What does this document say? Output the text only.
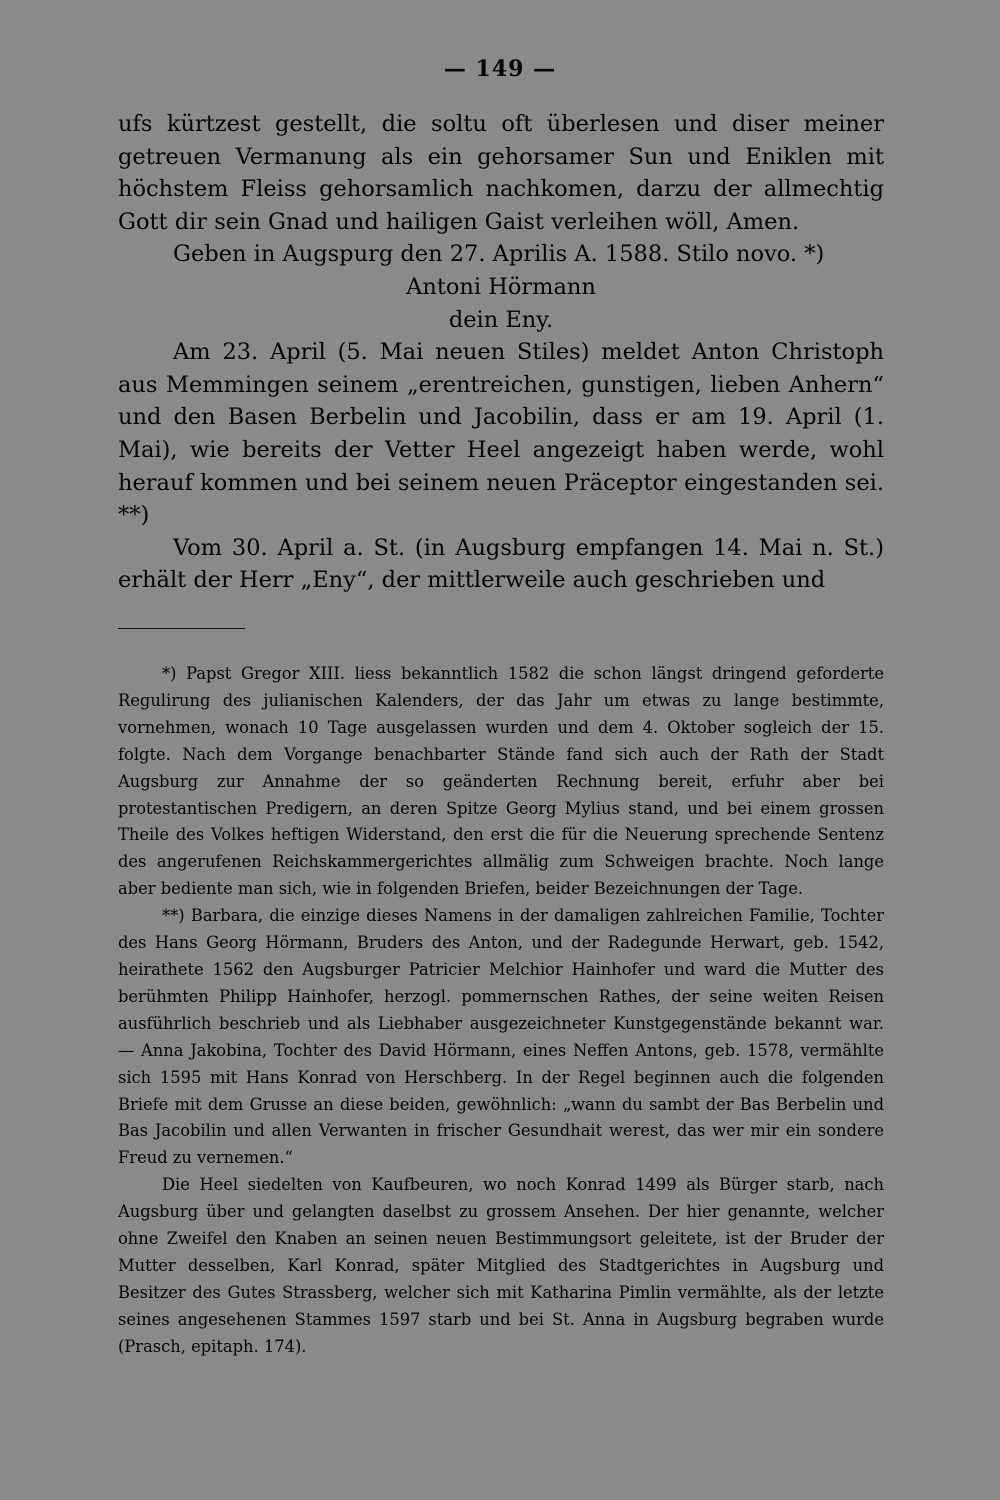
— 149 —

ufs kürtzest gestellt, die soltu oft überlesen und diser meiner getreuen Vermanung als ein gehorsamer Sun und Eniklen mit höchstem Fleiss gehorsamlich nachkomen, darzu der allmechtig Gott dir sein Gnad und hailigen Gaist verleihen wöll, Amen.

Geben in Augspurg den 27. Aprilis A. 1588. Stilo novo. *)

Antoni Hörmann

dein Eny.

Am 23. April (5. Mai neuen Stiles) meldet Anton Christoph aus Memmingen seinem „erentreichen, gunstigen, lieben Anhern“ und den Basen Berbelin und Jacobilin, dass er am 19. April (1. Mai), wie bereits der Vetter Heel angezeigt haben werde, wohl herauf kommen und bei seinem neuen Präceptor eingestanden sei. **)

Vom 30. April a. St. (in Augsburg empfangen 14. Mai n. St.) erhält der Herr „Eny“, der mittlerweile auch geschrieben und

*) Papst Gregor XIII. liess bekanntlich 1582 die schon längst dringend geforderte Regulirung des julianischen Kalenders, der das Jahr um etwas zu lange bestimmte, vornehmen, wonach 10 Tage ausgelassen wurden und dem 4. Oktober sogleich der 15. folgte. Nach dem Vorgange benachbarter Stände fand sich auch der Rath der Stadt Augsburg zur Annahme der so geänderten Rechnung bereit, erfuhr aber bei protestantischen Predigern, an deren Spitze Georg Mylius stand, und bei einem grossen Theile des Volkes heftigen Widerstand, den erst die für die Neuerung sprechende Sentenz des angerufenen Reichskammergerichtes allmälig zum Schweigen brachte. Noch lange aber bediente man sich, wie in folgenden Briefen, beider Bezeichnungen der Tage.

**) Barbara, die einzige dieses Namens in der damaligen zahlreichen Familie, Tochter des Hans Georg Hörmann, Bruders des Anton, und der Radegunde Herwart, geb. 1542, heirathete 1562 den Augsburger Patricier Melchior Hainhofer und ward die Mutter des berühmten Philipp Hainhofer, herzogl. pommernschen Rathes, der seine weiten Reisen ausführlich beschrieb und als Liebhaber ausgezeichneter Kunstgegenstände bekannt war. — Anna Jakobina, Tochter des David Hörmann, eines Neffen Antons, geb. 1578, vermählte sich 1595 mit Hans Konrad von Herschberg. In der Regel beginnen auch die folgenden Briefe mit dem Grusse an diese beiden, gewöhnlich: „wann du sambt der Bas Berbelin und Bas Jacobilin und allen Verwanten in frischer Gesundhait werest, das wer mir ein sondere Freud zu vernemen.“

Die Heel siedelten von Kaufbeuren, wo noch Konrad 1499 als Bürger starb, nach Augsburg über und gelangten daselbst zu grossem Ansehen. Der hier genannte, welcher ohne Zweifel den Knaben an seinen neuen Bestimmungsort geleitete, ist der Bruder der Mutter desselben, Karl Konrad, später Mitglied des Stadtgerichtes in Augsburg und Besitzer des Gutes Strassberg, welcher sich mit Katharina Pimlin vermählte, als der letzte seines angesehenen Stammes 1597 starb und bei St. Anna in Augsburg begraben wurde (Prasch, epitaph. 174).
